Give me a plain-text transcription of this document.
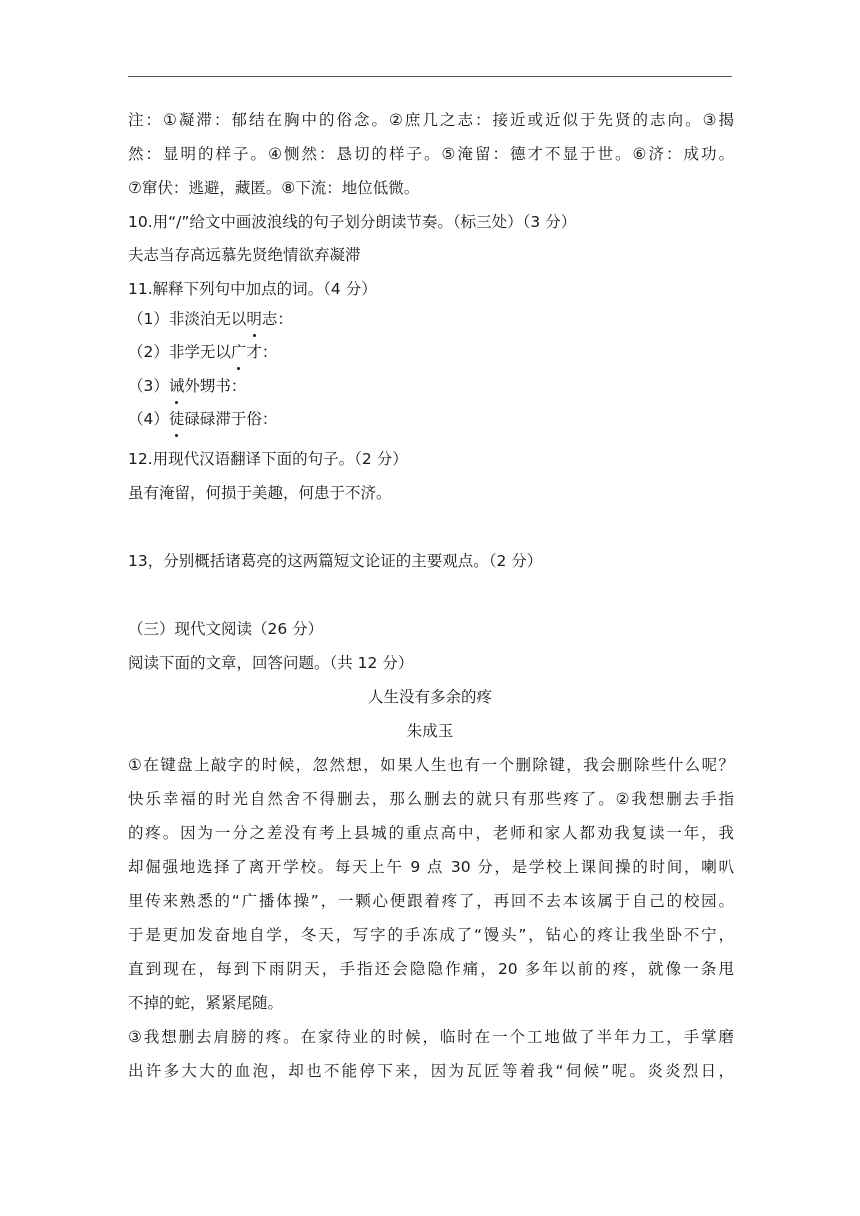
注：①凝滞：郁结在胸中的俗念。②庶几之志：接近或近似于先贤的志向。③揭
然：显明的样子。④恻然：恳切的样子。⑤淹留：德才不显于世。⑥济：成功。
⑦窜伏：逃避，藏匿。⑧下流：地位低微。
10.用“/”给文中画波浪线的句子划分朗读节奏。（标三处）（3 分）
夫志当存高远慕先贤绝情欲弃凝滞
11.解释下列句中加点的词。（4 分）
（1）非淡泊无以明志：
（2）非学无以广才：
（3）诫外甥书：
（4）徒碌碌滞于俗：
12.用现代汉语翻译下面的句子。（2 分）
虽有淹留，何损于美趣，何患于不济。
13，分别概括诸葛亮的这两篇短文论证的主要观点。（2 分）
（三）现代文阅读（26 分）
阅读下面的文章，回答问题。（共 12 分）
人生没有多余的疼
朱成玉
①在键盘上敲字的时候，忽然想，如果人生也有一个删除键，我会删除些什么呢？
快乐幸福的时光自然舍不得删去，那么删去的就只有那些疼了。②我想删去手指
的疼。因为一分之差没有考上县城的重点高中，老师和家人都劝我复读一年，我
却倔强地选择了离开学校。每天上午 9 点 30 分，是学校上课间操的时间，喇叭
里传来熟悉的“广播体操”，一颗心便跟着疼了，再回不去本该属于自己的校园。
于是更加发奋地自学，冬天，写字的手冻成了“馒头”，钻心的疼让我坐卧不宁，
直到现在，每到下雨阴天，手指还会隐隐作痛，20 多年以前的疼，就像一条甩
不掉的蛇，紧紧尾随。
③我想删去肩膀的疼。在家待业的时候，临时在一个工地做了半年力工，手掌磨
出许多大大的血泡，却也不能停下来，因为瓦匠等着我“伺候”呢。炎炎烈日，
